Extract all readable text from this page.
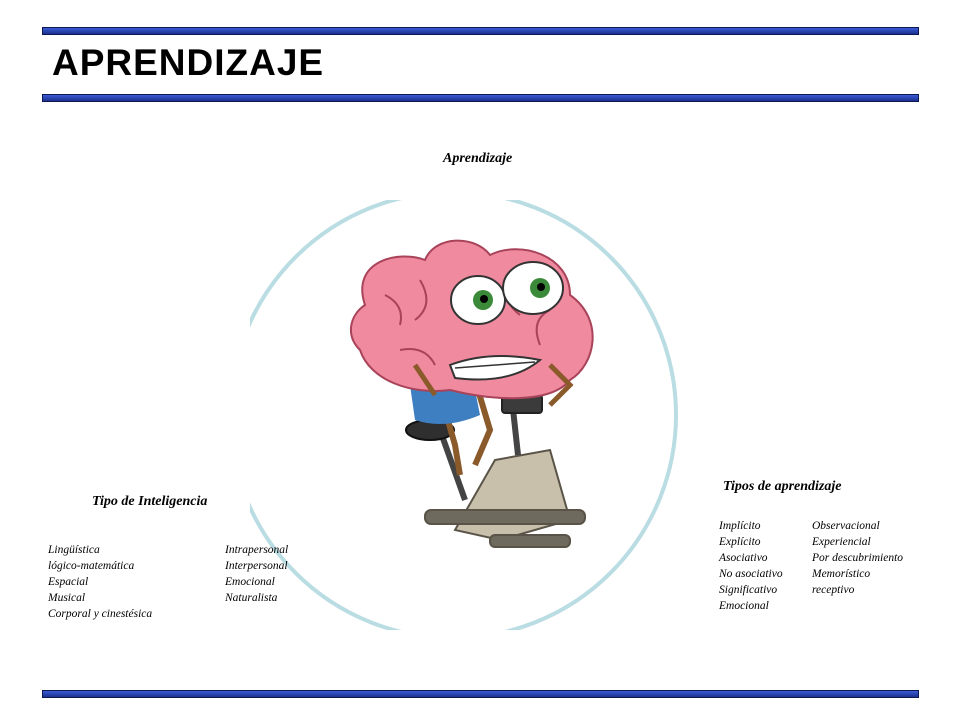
APRENDIZAJE

Aprendizaje

Tipo de Inteligencia

Lingüística
lógico-matemática
Espacial
Musical
Corporal y cinestésica
Intrapersonal
Interpersonal
Emocional
Naturalista

Tipos de aprendizaje

Implícito
Explícito
Asociativo
No asociativo
Significativo
Emocional
Observacional
Experiencial
Por descubrimiento
Memorístico
receptivo
